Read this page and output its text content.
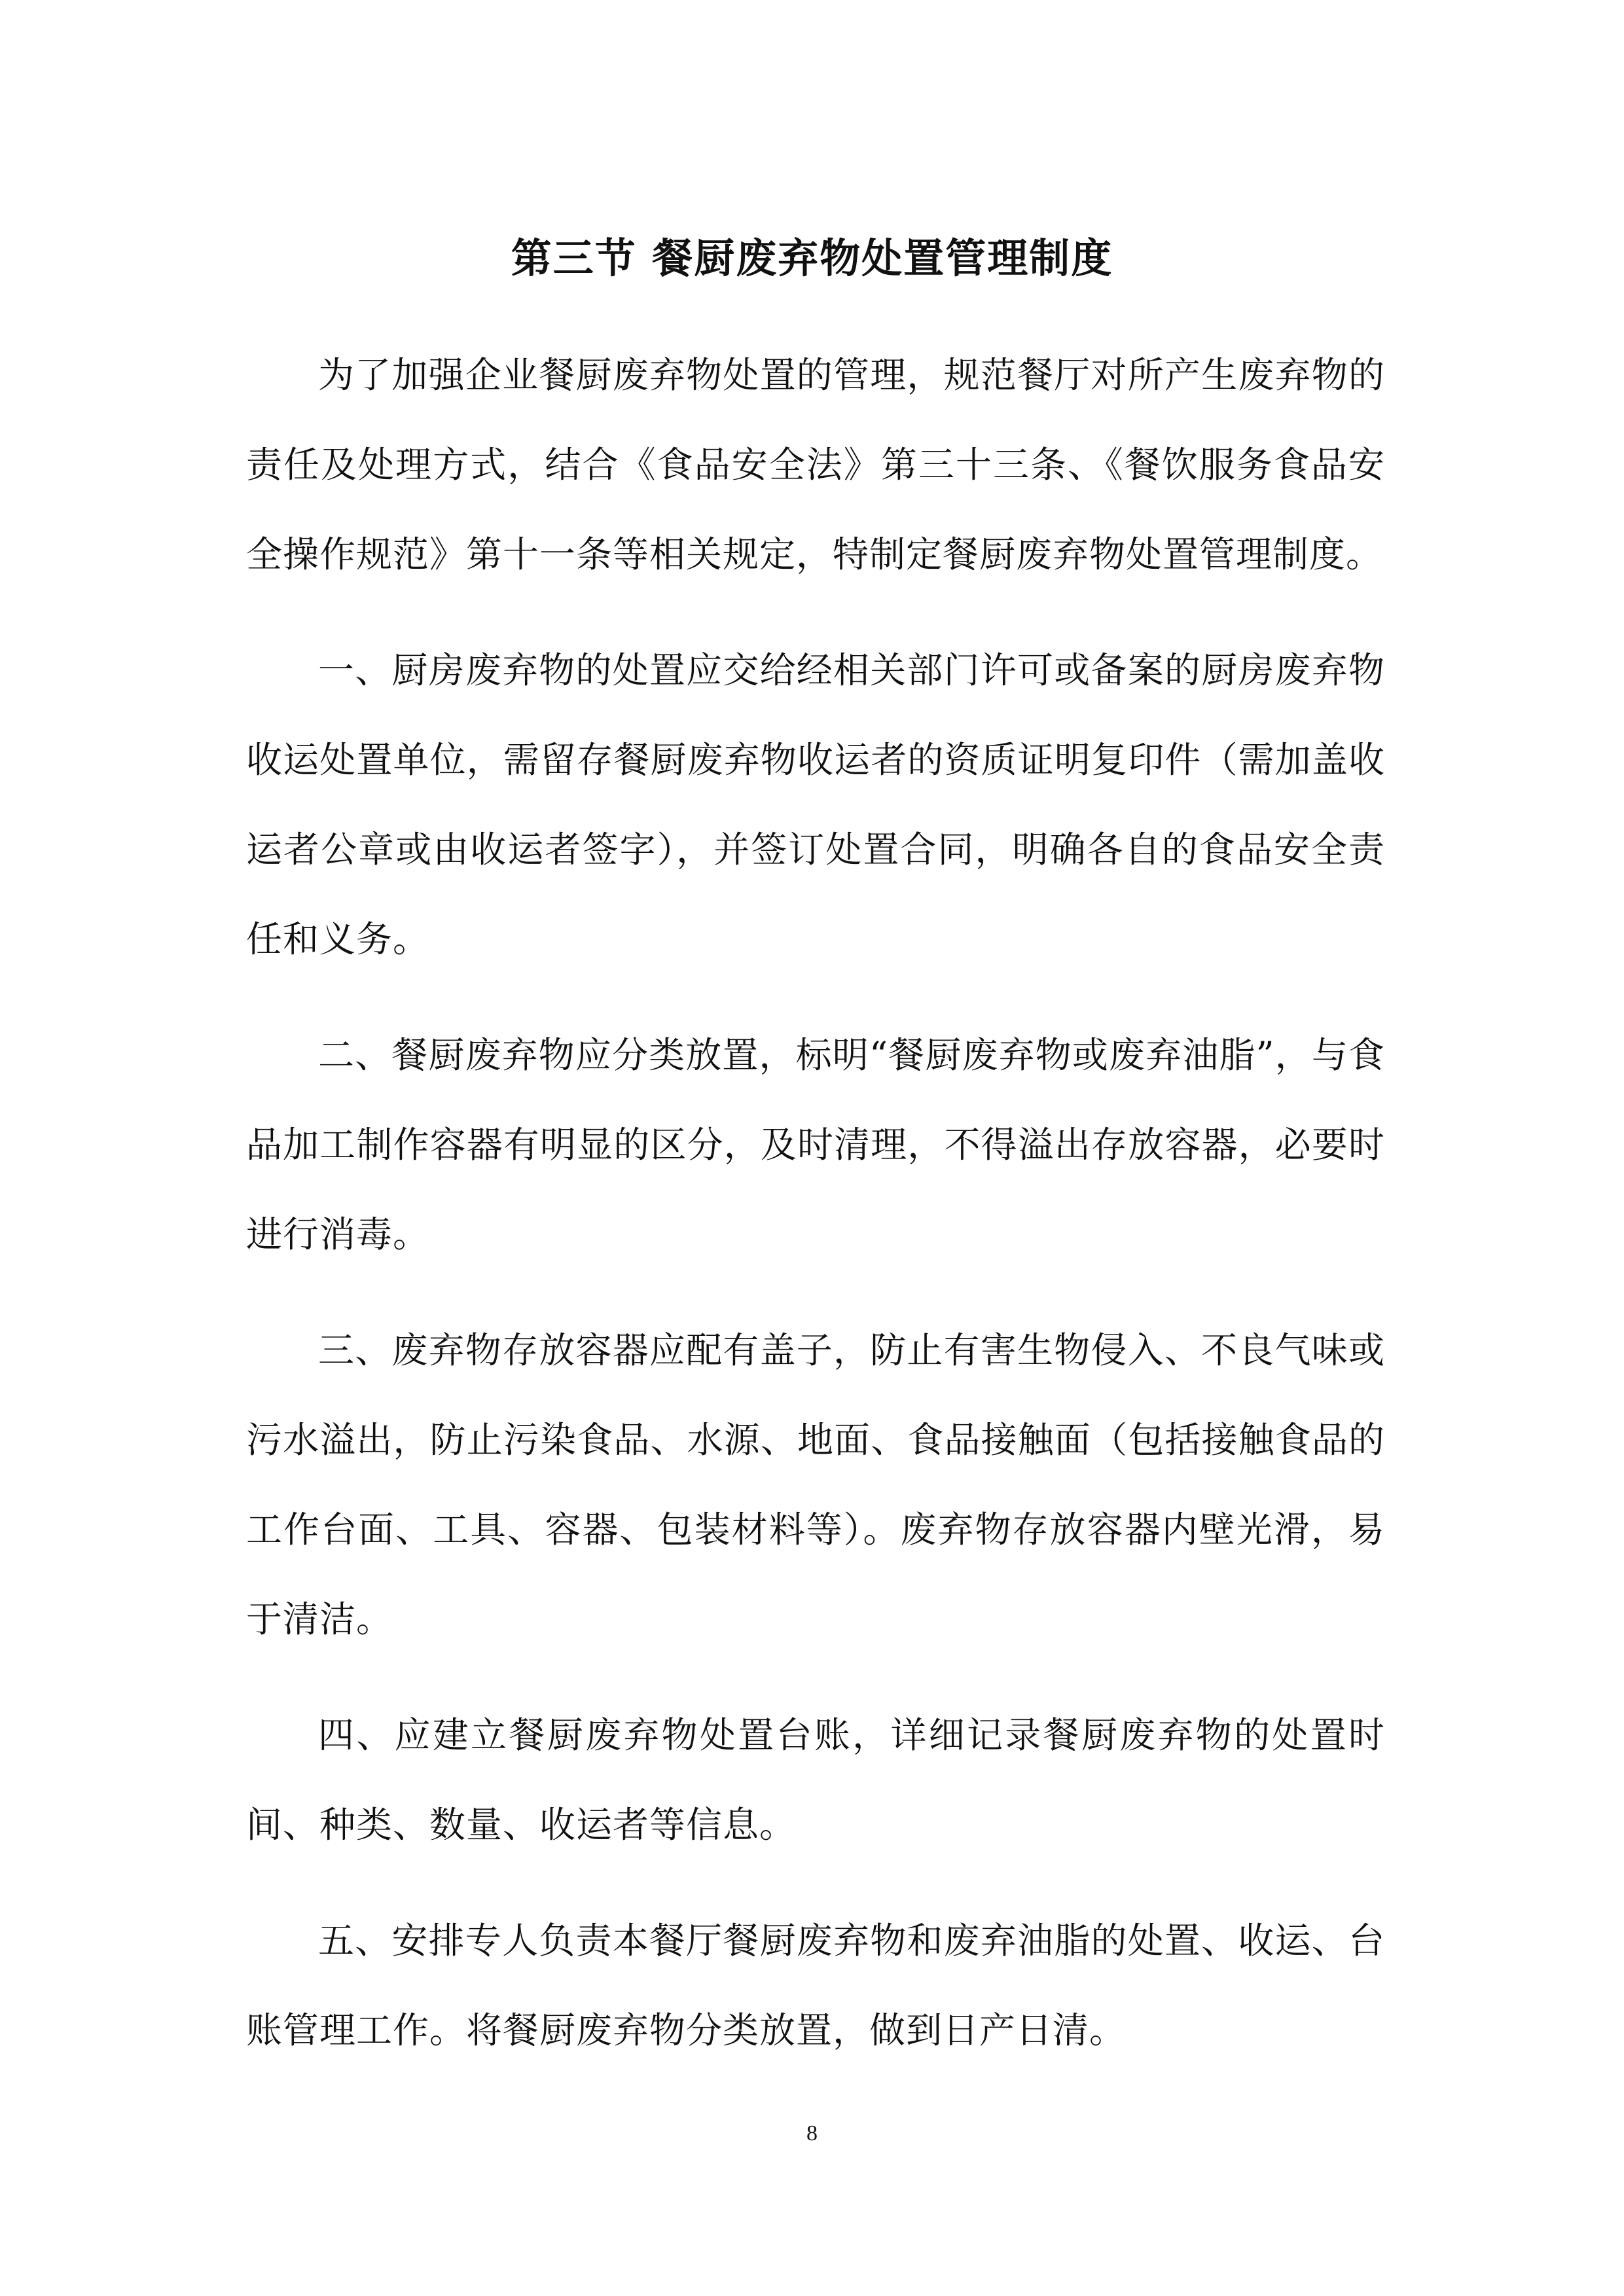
第三节 餐厨废弃物处置管理制度

为了加强企业餐厨废弃物处置的管理，规范餐厅对所产生废弃物的责任及处理方式，结合《食品安全法》第三十三条、《餐饮服务食品安全操作规范》第十一条等相关规定，特制定餐厨废弃物处置管理制度。

一、厨房废弃物的处置应交给经相关部门许可或备案的厨房废弃物收运处置单位，需留存餐厨废弃物收运者的资质证明复印件（需加盖收运者公章或由收运者签字），并签订处置合同，明确各自的食品安全责任和义务。

二、餐厨废弃物应分类放置，标明“餐厨废弃物或废弃油脂”，与食品加工制作容器有明显的区分，及时清理，不得溢出存放容器，必要时进行消毒。

三、废弃物存放容器应配有盖子，防止有害生物侵入、不良气味或污水溢出，防止污染食品、水源、地面、食品接触面（包括接触食品的工作台面、工具、容器、包装材料等）。废弃物存放容器内壁光滑，易于清洁。

四、应建立餐厨废弃物处置台账，详细记录餐厨废弃物的处置时间、种类、数量、收运者等信息。

五、安排专人负责本餐厅餐厨废弃物和废弃油脂的处置、收运、台账管理工作。将餐厨废弃物分类放置，做到日产日清。

8
